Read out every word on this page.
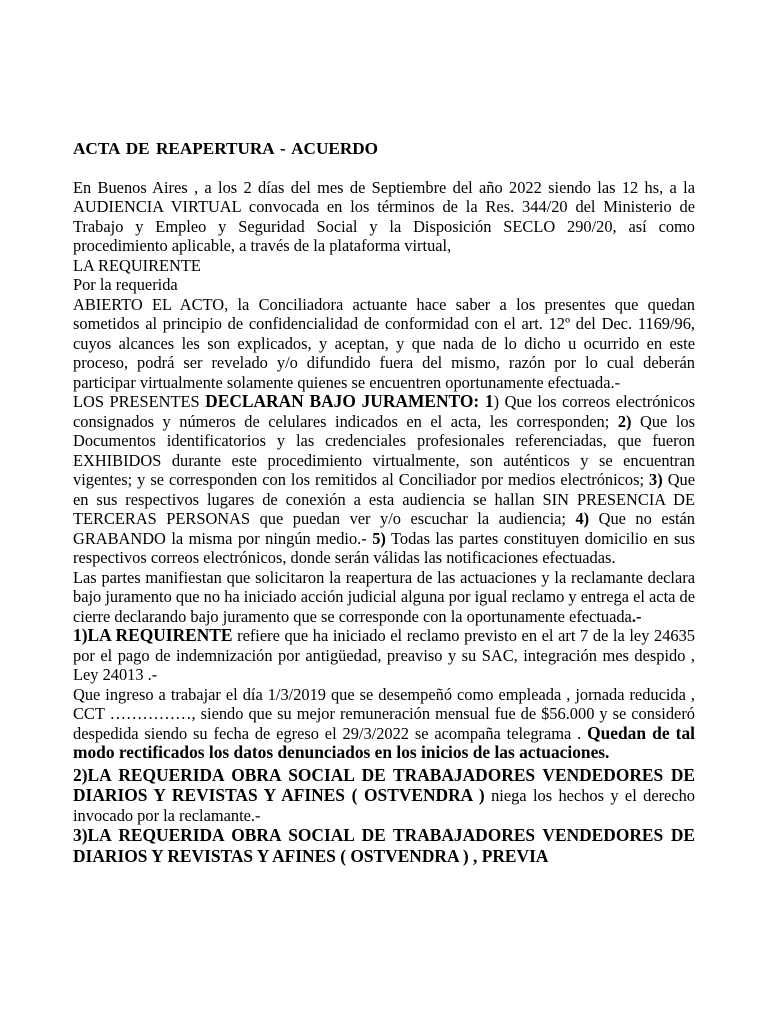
ACTA DE REAPERTURA - ACUERDO

En Buenos Aires , a los 2 días del mes de Septiembre del año 2022 siendo las 12 hs, a la AUDIENCIA VIRTUAL convocada en los términos de la Res. 344/20 del Ministerio de Trabajo y Empleo y Seguridad Social y la Disposición SECLO 290/20, así como procedimiento aplicable, a través de la plataforma virtual,

LA REQUIRENTE

Por la requerida

ABIERTO EL ACTO, la Conciliadora actuante hace saber a los presentes que quedan sometidos al principio de confidencialidad de conformidad con el art. 12º del Dec. 1169/96, cuyos alcances les son explicados, y aceptan, y que nada de lo dicho u ocurrido en este proceso, podrá ser revelado y/o difundido fuera del mismo, razón por lo cual deberán participar virtualmente solamente quienes se encuentren oportunamente efectuada.-

LOS PRESENTES DECLARAN BAJO JURAMENTO: 1) Que los correos electrónicos consignados y números de celulares indicados en el acta, les corresponden; 2) Que los Documentos identificatorios y las credenciales profesionales referenciadas, que fueron EXHIBIDOS durante este procedimiento virtualmente, son auténticos y se encuentran vigentes; y se corresponden con los remitidos al Conciliador por medios electrónicos; 3) Que en sus respectivos lugares de conexión a esta audiencia se hallan SIN PRESENCIA DE TERCERAS PERSONAS que puedan ver y/o escuchar la audiencia; 4) Que no están GRABANDO la misma por ningún medio.- 5) Todas las partes constituyen domicilio en sus respectivos correos electrónicos, donde serán válidas las notificaciones efectuadas.

Las partes manifiestan que solicitaron la reapertura de las actuaciones y la reclamante declara bajo juramento que no ha iniciado acción judicial alguna por igual reclamo y entrega el acta de cierre declarando bajo juramento que se corresponde con la oportunamente efectuada.-

1)LA REQUIRENTE refiere que ha iniciado el reclamo previsto en el art 7 de la ley 24635 por el pago de indemnización por antigüedad, preaviso y su SAC, integración mes despido , Ley 24013 .-

Que ingreso a trabajar el día 1/3/2019 que se desempeñó como empleada , jornada reducida , CCT ……………, siendo que su mejor remuneración mensual fue de $56.000 y se consideró despedida siendo su fecha de egreso el 29/3/2022 se acompaña telegrama . Quedan de tal modo rectificados los datos denunciados en los inicios de las actuaciones.

2)LA REQUERIDA OBRA SOCIAL DE TRABAJADORES VENDEDORES DE DIARIOS Y REVISTAS Y AFINES ( OSTVENDRA ) niega los hechos y el derecho invocado por la reclamante.-

3)LA REQUERIDA OBRA SOCIAL DE TRABAJADORES VENDEDORES DE DIARIOS Y REVISTAS Y AFINES ( OSTVENDRA ) , PREVIA
